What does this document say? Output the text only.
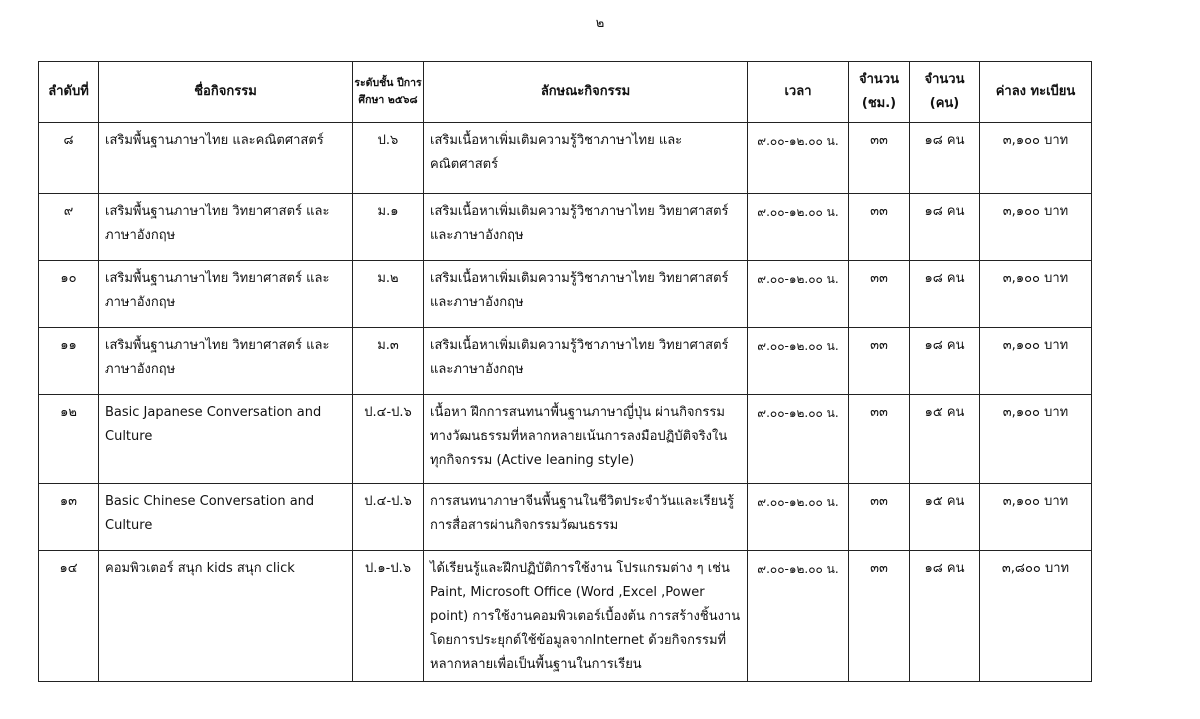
๒
ลำดับที่	ชื่อกิจกรรม	ระดับชั้น ปีการศึกษา ๒๕๖๘	ลักษณะกิจกรรม	เวลา	จำนวน (ชม.)	จำนวน (คน)	ค่าลง ทะเบียน

๘	เสริมพื้นฐานภาษาไทย และคณิตศาสตร์	ป.๖	เสริมเนื้อหาเพิ่มเติมความรู้วิชาภาษาไทย และ คณิตศาสตร์	๙.๐๐-๑๒.๐๐ น.	๓๓	๑๘ คน	๓,๑๐๐ บาท

๙	เสริมพื้นฐานภาษาไทย วิทยาศาสตร์ และภาษาอังกฤษ	ม.๑	เสริมเนื้อหาเพิ่มเติมความรู้วิชาภาษาไทย วิทยาศาสตร์และภาษาอังกฤษ	๙.๐๐-๑๒.๐๐ น.	๓๓	๑๘ คน	๓,๑๐๐ บาท

๑๐	เสริมพื้นฐานภาษาไทย วิทยาศาสตร์ และภาษาอังกฤษ	ม.๒	เสริมเนื้อหาเพิ่มเติมความรู้วิชาภาษาไทย วิทยาศาสตร์และภาษาอังกฤษ	๙.๐๐-๑๒.๐๐ น.	๓๓	๑๘ คน	๓,๑๐๐ บาท

๑๑	เสริมพื้นฐานภาษาไทย วิทยาศาสตร์ และภาษาอังกฤษ	ม.๓	เสริมเนื้อหาเพิ่มเติมความรู้วิชาภาษาไทย วิทยาศาสตร์และภาษาอังกฤษ	๙.๐๐-๑๒.๐๐ น.	๓๓	๑๘ คน	๓,๑๐๐ บาท

๑๒	Basic Japanese Conversation and Culture	ป.๔-ป.๖	เนื้อหา ฝึกการสนทนาพื้นฐานภาษาญี่ปุ่น ผ่านกิจกรรมทางวัฒนธรรมที่หลากหลายเน้นการลงมือปฏิบัติจริงในทุกกิจกรรม (Active leaning style)	๙.๐๐-๑๒.๐๐ น.	๓๓	๑๕ คน	๓,๑๐๐ บาท

๑๓	Basic Chinese Conversation and Culture	ป.๔-ป.๖	การสนทนาภาษาจีนพื้นฐานในชีวิตประจำวันและเรียนรู้การสื่อสารผ่านกิจกรรมวัฒนธรรม	๙.๐๐-๑๒.๐๐ น.	๓๓	๑๕ คน	๓,๑๐๐ บาท

๑๔	คอมพิวเตอร์ สนุก kids สนุก click	ป.๑-ป.๖	ได้เรียนรู้และฝึกปฏิบัติการใช้งาน โปรแกรมต่าง ๆ เช่น Paint, Microsoft Office (Word ,Excel ,Power point) การใช้งานคอมพิวเตอร์เบื้องต้น การสร้างชิ้นงานโดยการประยุกต์ใช้ข้อมูลจากInternet ด้วยกิจกรรมที่หลากหลายเพื่อเป็นพื้นฐานในการเรียน	๙.๐๐-๑๒.๐๐ น.	๓๓	๑๘ คน	๓,๘๐๐ บาท
